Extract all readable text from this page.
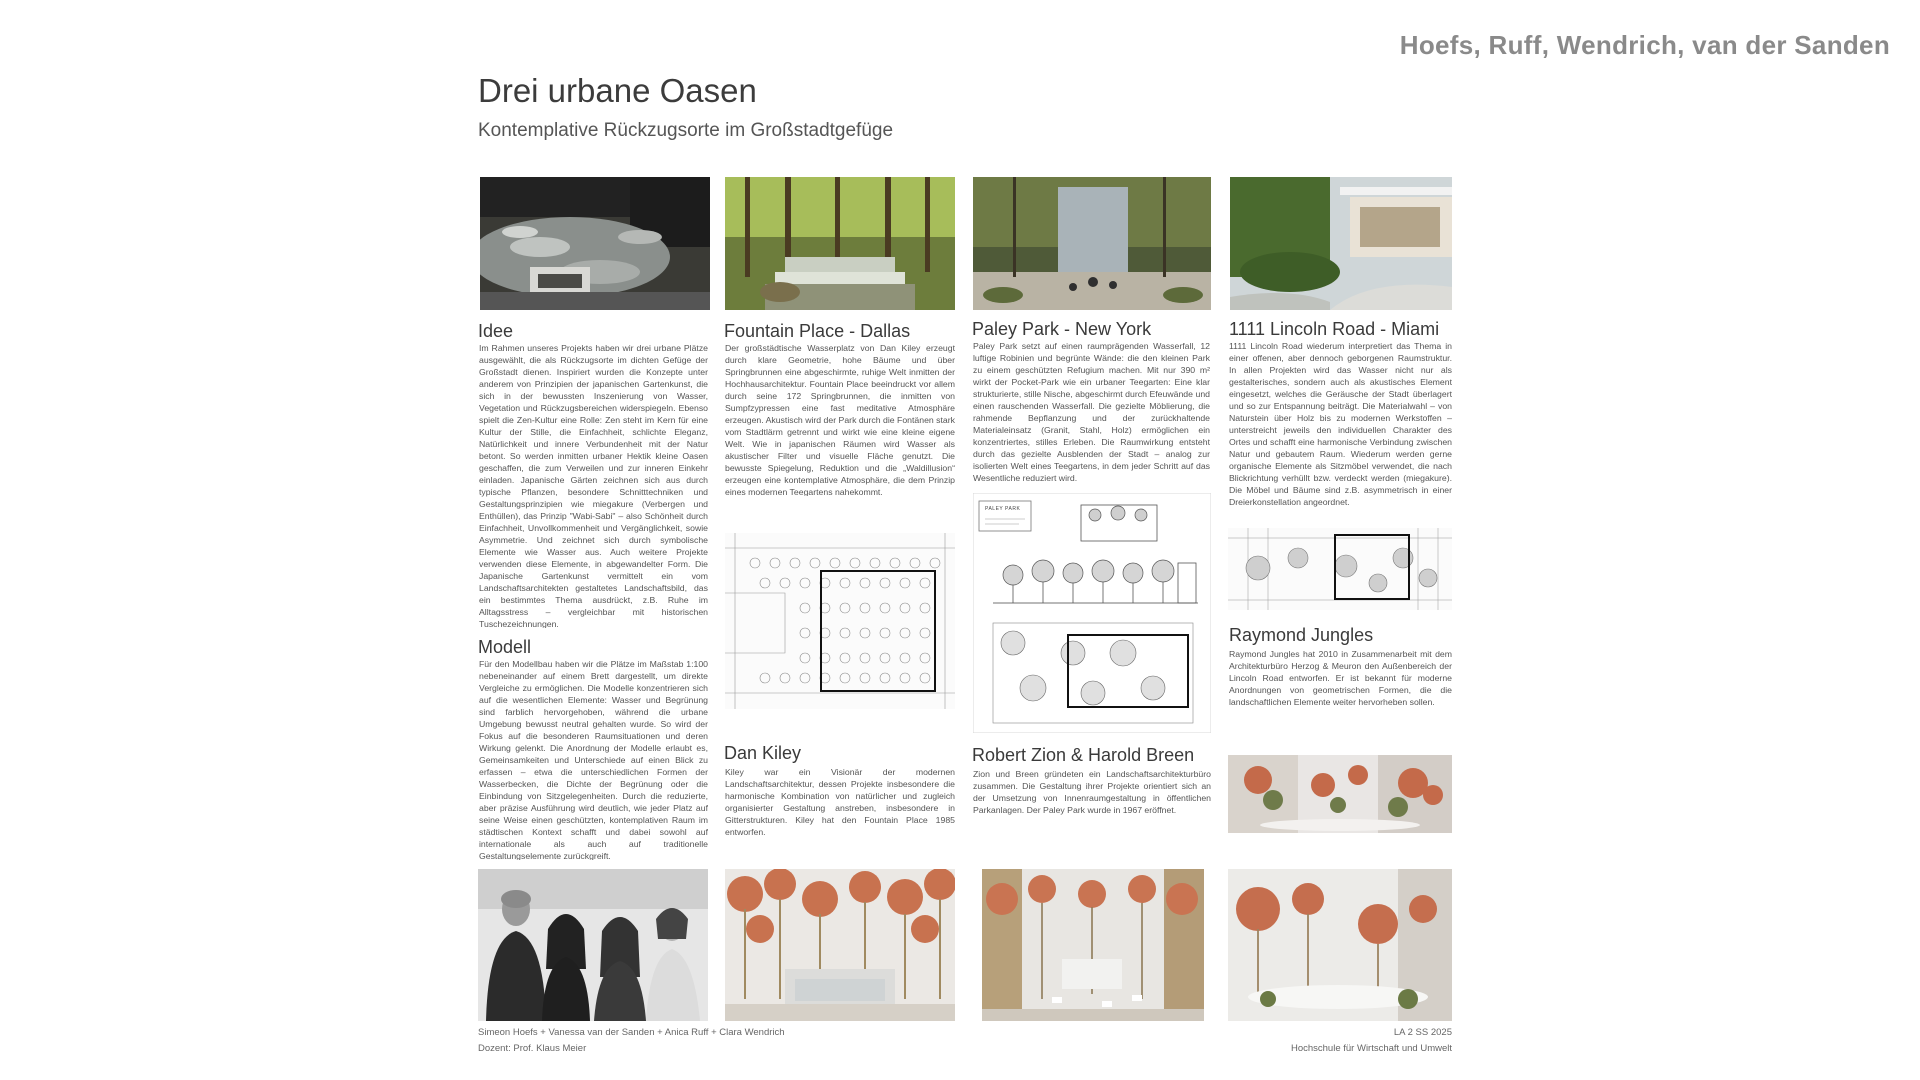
Hoefs, Ruff, Wendrich, van der Sanden
Drei urbane Oasen
Kontemplative Rückzugsorte im Großstadtgefüge
Idee
Im Rahmen unseres Projekts haben wir drei urbane Plätze ausgewählt, die als Rückzugsorte im dichten Gefüge der Großstadt dienen. Inspiriert wurden die Konzepte unter anderem von Prinzipien der japanischen Gartenkunst, die sich in der bewussten Inszenierung von Wasser, Vegetation und Rückzugsbereichen widerspiegeln. Ebenso spielt die Zen-Kultur eine Rolle: Zen steht im Kern für eine Kultur der Stille, die Einfachheit, schlichte Eleganz, Natürlichkeit und innere Verbundenheit mit der Natur betont. So werden inmitten urbaner Hektik kleine Oasen geschaffen, die zum Verweilen und zur inneren Einkehr einladen. Japanische Gärten zeichnen sich aus durch typische Pflanzen, besondere Schnitttechniken und Gestaltungsprinzipien wie miegakure (Verbergen und Enthüllen), das Prinzip "Wabi-Sabi" – also Schönheit durch Einfachheit, Unvollkommenheit und Vergänglichkeit, sowie Asymmetrie. Und zeichnet sich durch symbolische Elemente wie Wasser aus. Auch weitere Projekte verwenden diese Elemente, in abgewandelter Form. Die Japanische Gartenkunst vermittelt ein vom Landschaftsarchitekten gestaltetes Landschaftsbild, das ein bestimmtes Thema ausdrückt, z.B. Ruhe im Alltagsstress – vergleichbar mit historischen Tuschezeichnungen.
Modell
Für den Modellbau haben wir die Plätze im Maßstab 1:100 nebeneinander auf einem Brett dargestellt, um direkte Vergleiche zu ermöglichen. Die Modelle konzentrieren sich auf die wesentlichen Elemente: Wasser und Begrünung sind farblich hervorgehoben, während die urbane Umgebung bewusst neutral gehalten wurde. So wird der Fokus auf die besonderen Raumsituationen und deren Wirkung gelenkt. Die Anordnung der Modelle erlaubt es, Gemeinsamkeiten und Unterschiede auf einen Blick zu erfassen – etwa die unterschiedlichen Formen der Wasserbecken, die Dichte der Begrünung oder die Einbindung von Sitzgelegenheiten. Durch die reduzierte, aber präzise Ausführung wird deutlich, wie jeder Platz auf seine Weise einen geschützten, kontemplativen Raum im städtischen Kontext schafft und dabei sowohl auf internationale als auch auf traditionelle Gestaltungselemente zurückgreift.
Fountain Place - Dallas
Der großstädtische Wasserplatz von Dan Kiley erzeugt durch klare Geometrie, hohe Bäume und über Springbrunnen eine abgeschirmte, ruhige Welt inmitten der Hochhausarchitektur. Fountain Place beeindruckt vor allem durch seine 172 Springbrunnen, die inmitten von Sumpfzypressen eine fast meditative Atmosphäre erzeugen. Akustisch wird der Park durch die Fontänen stark vom Stadtlärm getrennt und wirkt wie eine kleine eigene Welt. Wie in japanischen Räumen wird Wasser als akustischer Filter und visuelle Fläche genutzt. Die bewusste Spiegelung, Reduktion und die „Waldillusion“ erzeugen eine kontemplative Atmosphäre, die dem Prinzip eines modernen Teegartens nahekommt.
Dan Kiley
Kiley war ein Visionär der modernen Landschaftsarchitektur, dessen Projekte insbesondere die harmonische Kombination von natürlicher und zugleich organisierter Gestaltung anstreben, insbesondere in Gitterstrukturen. Kiley hat den Fountain Place 1985 entworfen.
Paley Park - New York
Paley Park setzt auf einen raumprägenden Wasserfall, 12 luftige Robinien und begrünte Wände: die den kleinen Park zu einem geschützten Refugium machen. Mit nur 390 m² wirkt der Pocket-Park wie ein urbaner Teegarten: Eine klar strukturierte, stille Nische, abgeschirmt durch Efeuwände und einen rauschenden Wasserfall. Die gezielte Möblierung, die rahmende Bepflanzung und der zurückhaltende Materialeinsatz (Granit, Stahl, Holz) ermöglichen ein konzentriertes, stilles Erleben. Die Raumwirkung entsteht durch das gezielte Ausblenden der Stadt – analog zur isolierten Welt eines Teegartens, in dem jeder Schritt auf das Wesentliche reduziert wird.
PALEY PARK
Robert Zion & Harold Breen
Zion und Breen gründeten ein Landschaftsarchitekturbüro zusammen. Die Gestaltung ihrer Projekte orientiert sich an der Umsetzung von Innenraumgestaltung in öffentlichen Parkanlagen. Der Paley Park wurde in 1967 eröffnet.
1111 Lincoln Road - Miami
1111 Lincoln Road wiederum interpretiert das Thema in einer offenen, aber dennoch geborgenen Raumstruktur. In allen Projekten wird das Wasser nicht nur als gestalterisches, sondern auch als akustisches Element eingesetzt, welches die Geräusche der Stadt überlagert und so zur Entspannung beiträgt. Die Materialwahl – von Naturstein über Holz bis zu modernen Werkstoffen – unterstreicht jeweils den individuellen Charakter des Ortes und schafft eine harmonische Verbindung zwischen Natur und gebautem Raum. Wiederum werden gerne organische Elemente als Sitzmöbel verwendet, die nach Blickrichtung verhüllt bzw. verdeckt werden (miegakure). Die Möbel und Bäume sind z.B. asymmetrisch in einer Dreierkonstellation angeordnet.
Raymond Jungles
Raymond Jungles hat 2010 in Zusammenarbeit mit dem Architekturbüro Herzog & Meuron den Außenbereich der Lincoln Road entworfen. Er ist bekannt für moderne Anordnungen von geometrischen Formen, die die landschaftlichen Elemente weiter hervorheben sollen.
Simeon Hoefs + Vanessa van der Sanden + Anica Ruff + Clara Wendrich
Dozent: Prof. Klaus Meier
LA 2 SS 2025
Hochschule für Wirtschaft und Umwelt
